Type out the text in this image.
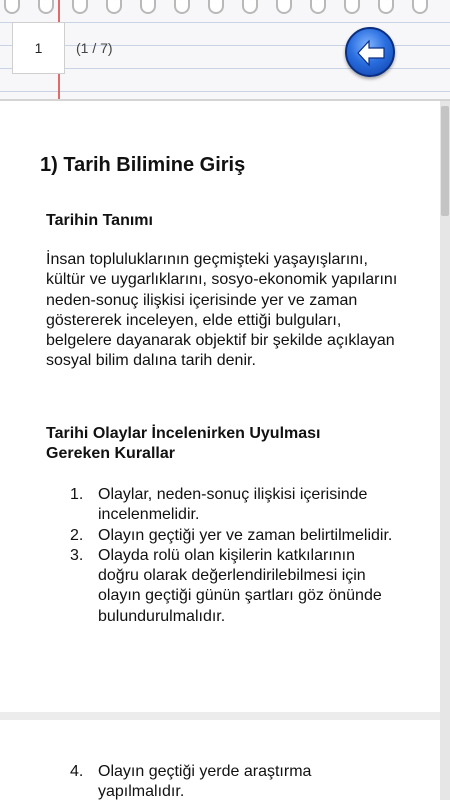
1	(1 / 7)
1) Tarih Bilimine Giriş
Tarihin Tanımı
İnsan topluluklarının geçmişteki yaşayışlarını, kültür ve uygarlıklarını, sosyo-ekonomik yapılarını neden-sonuç ilişkisi içerisinde yer ve zaman göstererek inceleyen, elde ettiği bulguları, belgelere dayanarak objektif bir şekilde açıklayan sosyal bilim dalına tarih denir.
Tarihi Olaylar İncelenirken Uyulması Gereken Kurallar
1. Olaylar, neden-sonuç ilişkisi içerisinde incelenmelidir.
2. Olayın geçtiği yer ve zaman belirtilmelidir.
3. Olayda rolü olan kişilerin katkılarının doğru olarak değerlendirilebilmesi için olayın geçtiği günün şartları göz önünde bulundurulmalıdır.
4. Olayın geçtiği yerde araştırma yapılmalıdır.
